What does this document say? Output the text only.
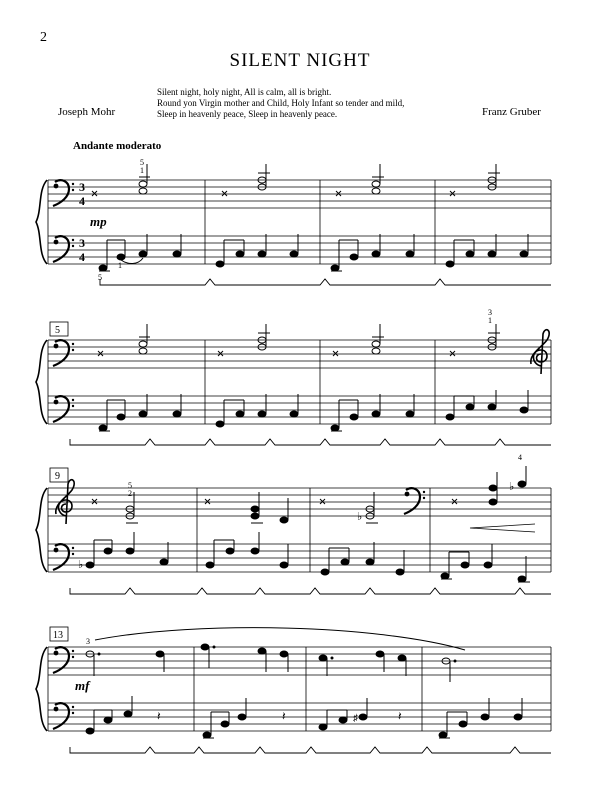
2
SILENT NIGHT
Silent night, holy night, All is calm, all is bright.
Round yon Virgin mother and Child, Holy Infant so tender and mild,
Sleep in heavenly peace, Sleep in heavenly peace.
Joseph Mohr	Franz Gruber
Andante moderato
3
4
3
4
5
1
1
5
mp
5
3
1
9
♭
♭
5
2
4
♭
13
3
mf
𝄽	𝄽	♯	𝄽
